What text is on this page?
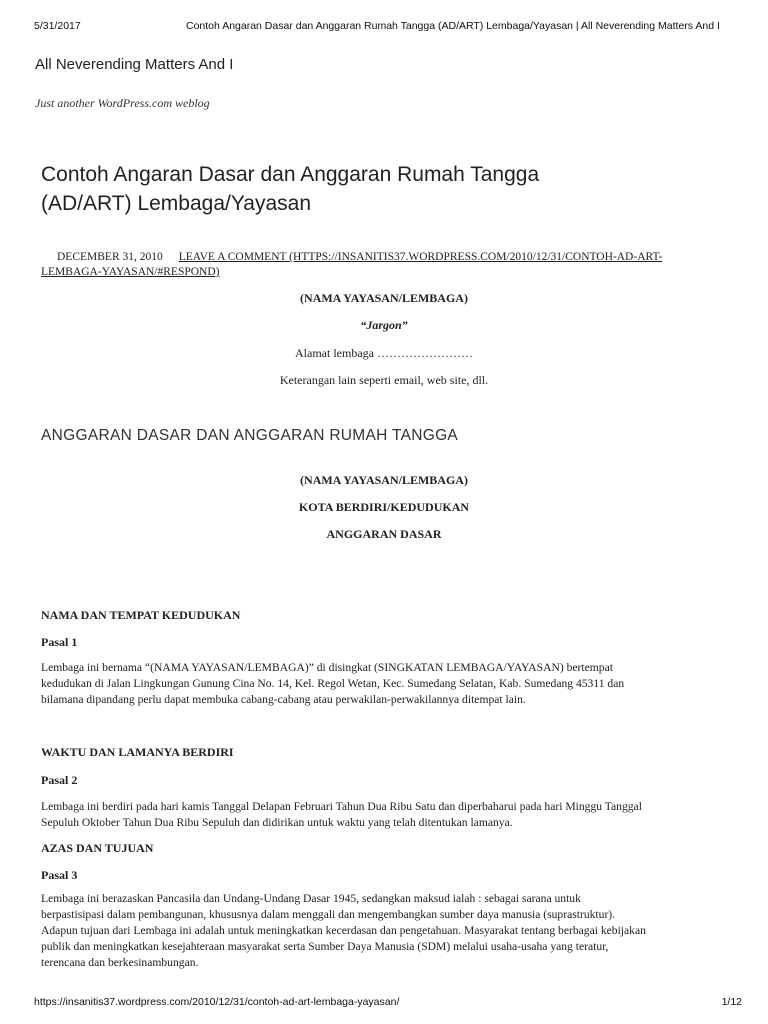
5/31/2017	Contoh Angaran Dasar dan Anggaran Rumah Tangga (AD/ART) Lembaga/Yayasan | All Neverending Matters And I
All Neverending Matters And I
Just another WordPress.com weblog
Contoh Angaran Dasar dan Anggaran Rumah Tangga
(AD/ART) Lembaga/Yayasan
DECEMBER 31, 2010 LEAVE A COMMENT (HTTPS://INSANITIS37.WORDPRESS.COM/2010/12/31/CONTOH-AD-ART-
LEMBAGA-YAYASAN/#RESPOND)
(NAMA YAYASAN/LEMBAGA)
“Jargon”
Alamat lembaga ……………………
Keterangan lain seperti email, web site, dll.
ANGGARAN DASAR DAN ANGGARAN RUMAH TANGGA
(NAMA YAYASAN/LEMBAGA)
KOTA BERDIRI/KEDUDUKAN
ANGGARAN DASAR
NAMA DAN TEMPAT KEDUDUKAN
Pasal 1
Lembaga ini bernama “(NAMA YAYASAN/LEMBAGA)” di disingkat (SINGKATAN LEMBAGA/YAYASAN) bertempat
kedudukan di Jalan Lingkungan Gunung Cina No. 14, Kel. Regol Wetan, Kec. Sumedang Selatan, Kab. Sumedang 45311 dan
bilamana dipandang perlu dapat membuka cabang-cabang atau perwakilan-perwakilannya ditempat lain.
WAKTU DAN LAMANYA BERDIRI
Pasal 2
Lembaga ini berdiri pada hari kamis Tanggal Delapan Februari Tahun Dua Ribu Satu dan diperbaharui pada hari Minggu Tanggal
Sepuluh Oktober Tahun Dua Ribu Sepuluh dan didirikan untuk waktu yang telah ditentukan lamanya.
AZAS DAN TUJUAN
Pasal 3
Lembaga ini berazaskan Pancasila dan Undang-Undang Dasar 1945, sedangkan maksud ialah : sebagai sarana untuk
berpastisipasi dalam pembangunan, khususnya dalam menggali dan mengembangkan sumber daya manusia (suprastruktur).
Adapun tujuan dari Lembaga ini adalah untuk meningkatkan kecerdasan dan pengetahuan. Masyarakat tentang berbagai kebijakan
publik dan meningkatkan kesejahteraan masyarakat serta Sumber Daya Manusia (SDM) melalui usaha-usaha yang teratur,
terencana dan berkesinambungan.
https://insanitis37.wordpress.com/2010/12/31/contoh-ad-art-lembaga-yayasan/	1/12
